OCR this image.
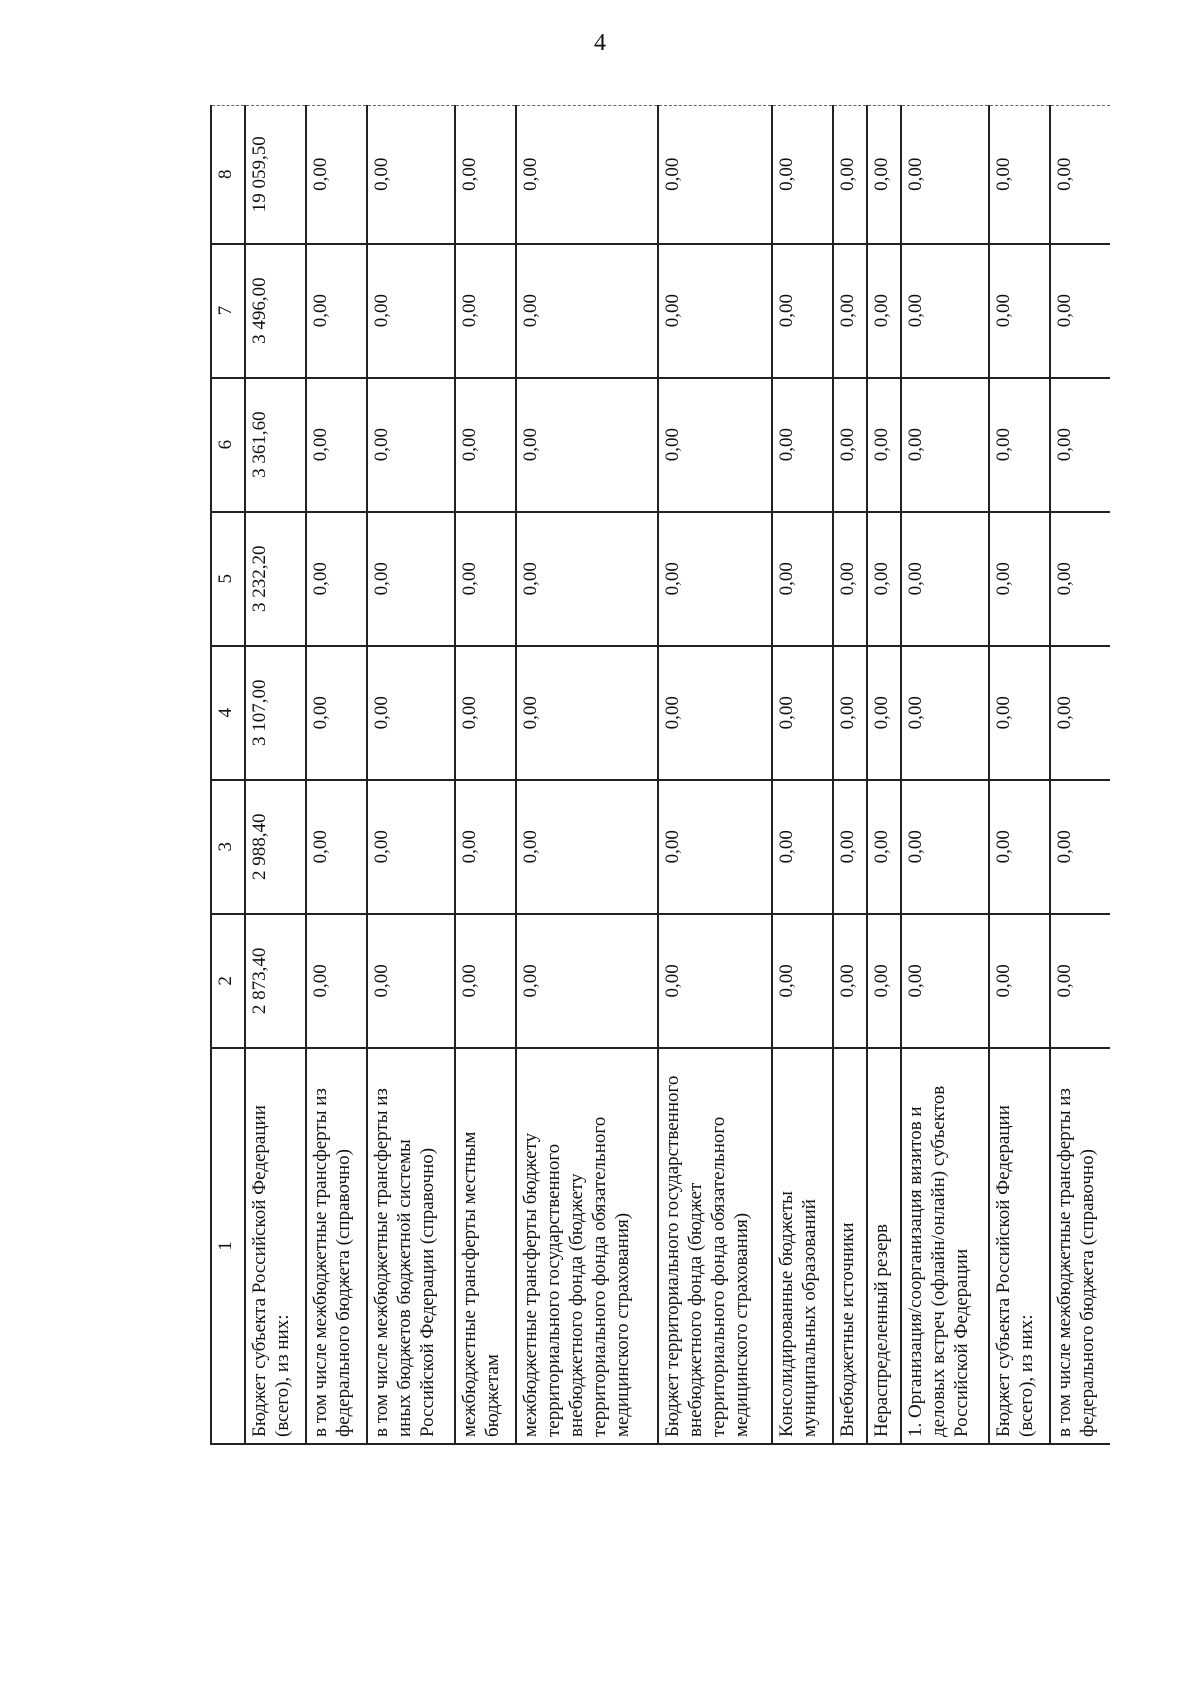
4
1	2	3	4	5	6	7	8
Бюджет субъекта Российской Федерации (всего), из них:	2 873,40	2 988,40	3 107,00	3 232,20	3 361,60	3 496,00	19 059,50
в том числе межбюджетные трансферты из федерального бюджета (справочно)	0,00	0,00	0,00	0,00	0,00	0,00	0,00
в том числе межбюджетные трансферты из иных бюджетов бюджетной системы Российской Федерации (справочно)	0,00	0,00	0,00	0,00	0,00	0,00	0,00
межбюджетные трансферты местным бюджетам	0,00	0,00	0,00	0,00	0,00	0,00	0,00
межбюджетные трансферты бюджету территориального государственного внебюджетного фонда (бюджету территориального фонда обязательного медицинского страхования)	0,00	0,00	0,00	0,00	0,00	0,00	0,00
Бюджет территориального государственного внебюджетного фонда (бюджет территориального фонда обязательного медицинского страхования)	0,00	0,00	0,00	0,00	0,00	0,00	0,00
Консолидированные бюджеты муниципальных образований	0,00	0,00	0,00	0,00	0,00	0,00	0,00
Внебюджетные источники	0,00	0,00	0,00	0,00	0,00	0,00	0,00
Нераспределенный резерв	0,00	0,00	0,00	0,00	0,00	0,00	0,00
1. Организация/соорганизация визитов и деловых встреч (офлайн/онлайн) субъектов Российской Федерации	0,00	0,00	0,00	0,00	0,00	0,00	0,00
Бюджет субъекта Российской Федерации (всего), из них:	0,00	0,00	0,00	0,00	0,00	0,00	0,00
в том числе межбюджетные трансферты из федерального бюджета (справочно)	0,00	0,00	0,00	0,00	0,00	0,00	0,00
